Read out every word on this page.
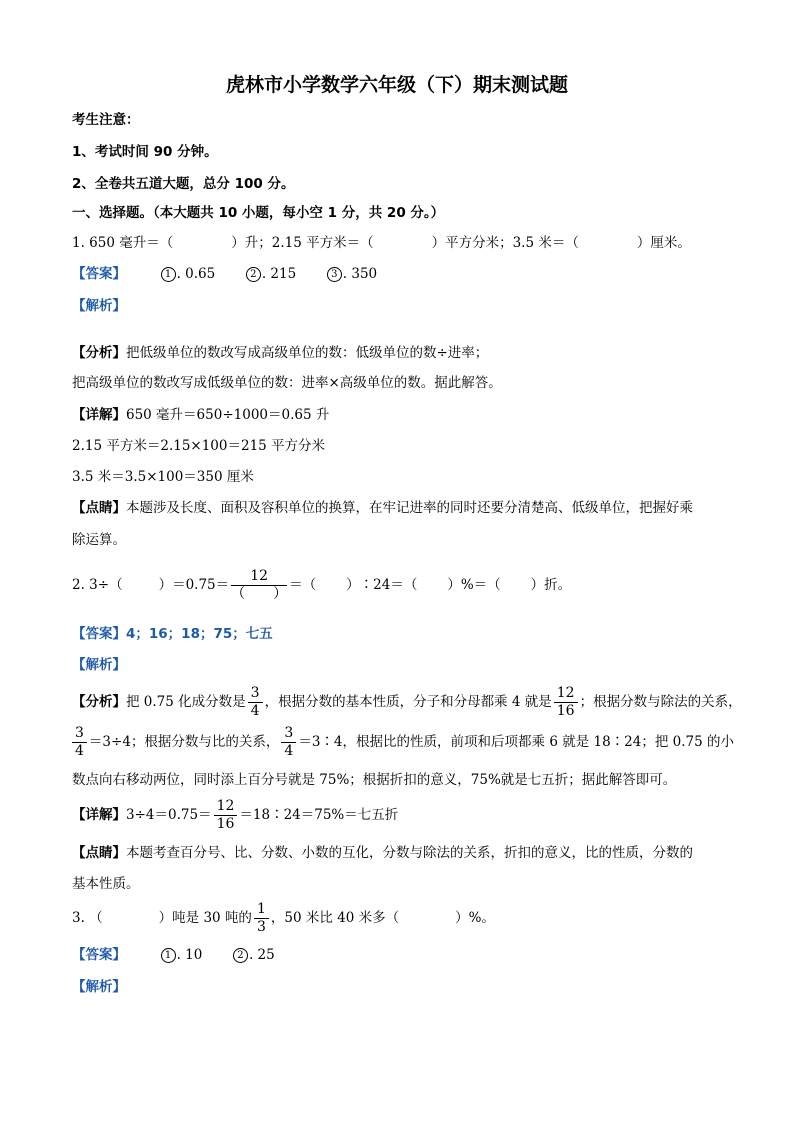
虎林市小学数学六年级（下）期末测试题
考生注意：
1、考试时间 90 分钟。
2、全卷共五道大题，总分 100 分。
一、选择题。（本大题共 10 小题，每小空 1 分，共 20 分。）
1. 650 毫升＝（	）升；2.15 平方米＝（	）平方分米；3.5 米＝（	）厘米。
【答案】	1 . 0.65	2 . 215	3 . 350
【解析】
【分析】把低级单位的数改写成高级单位的数：低级单位的数÷进率；
把高级单位的数改写成低级单位的数：进率×高级单位的数。据此解答。
【详解】650 毫升＝650÷1000＝0.65 升
2.15 平方米＝2.15×100＝215 平方分米
3.5 米＝3.5×100＝350 厘米
【点睛】本题涉及长度、面积及容积单位的换算，在牢记进率的同时还要分清楚高、低级单位，把握好乘
除运算。
2. 3÷（	）$=0.75= \frac{12}{( )}$ ＝（ ）∶24＝（ ）%＝（ ）折。
【答案】4；16；18；75；七五
【解析】
【分析】把 0.75 化成分数是 $\frac{3}{4}$ ，根据分数的基本性质，分子和分母都乘 4 就是 $\frac{12}{16}$ ；根据分数与除法的关系，
$\frac{3}{4} =3\div 4$；根据分数与比的关系， $\frac{3}{4}$ ＝3∶4，根据比的性质，前项和后项都乘 6 就是 18∶24；把 0.75 的小
数点向右移动两位，同时添上百分号就是 75%；根据折扣的意义，75%就是七五折；据此解答即可。
【详解】$3\div 4=0.75= \frac{12}{16}$ ＝18∶24＝75%＝七五折
【点睛】本题考查百分号、比、分数、小数的互化，分数与除法的关系，折扣的意义，比的性质，分数的
基本性质。
3. （	）吨是 30 吨的 $\frac{1}{3}$ ，50 米比 40 米多（	）%。
【答案】	1 . 10	2 . 25
【解析】
